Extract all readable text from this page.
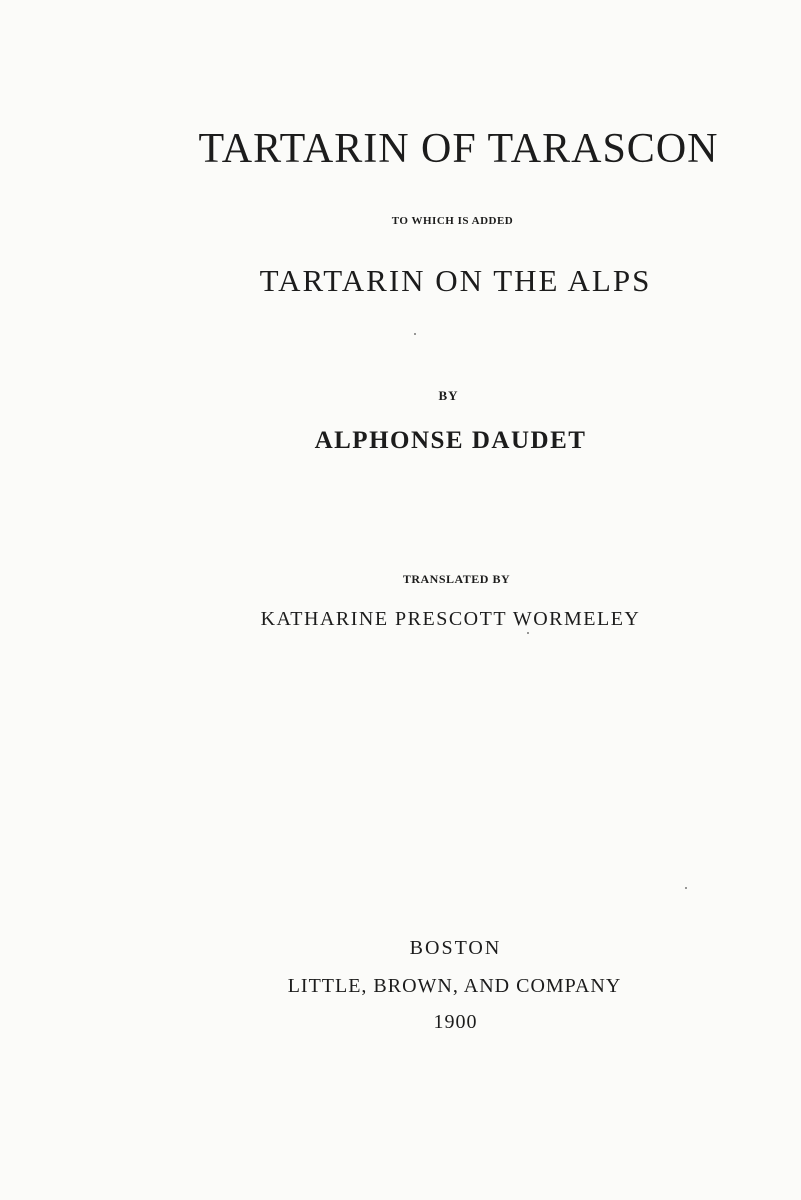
TARTARIN OF TARASCON
TO WHICH IS ADDED
TARTARIN ON THE ALPS
BY
ALPHONSE DAUDET
TRANSLATED BY
KATHARINE PRESCOTT WORMELEY
BOSTON
LITTLE, BROWN, AND COMPANY
1900
